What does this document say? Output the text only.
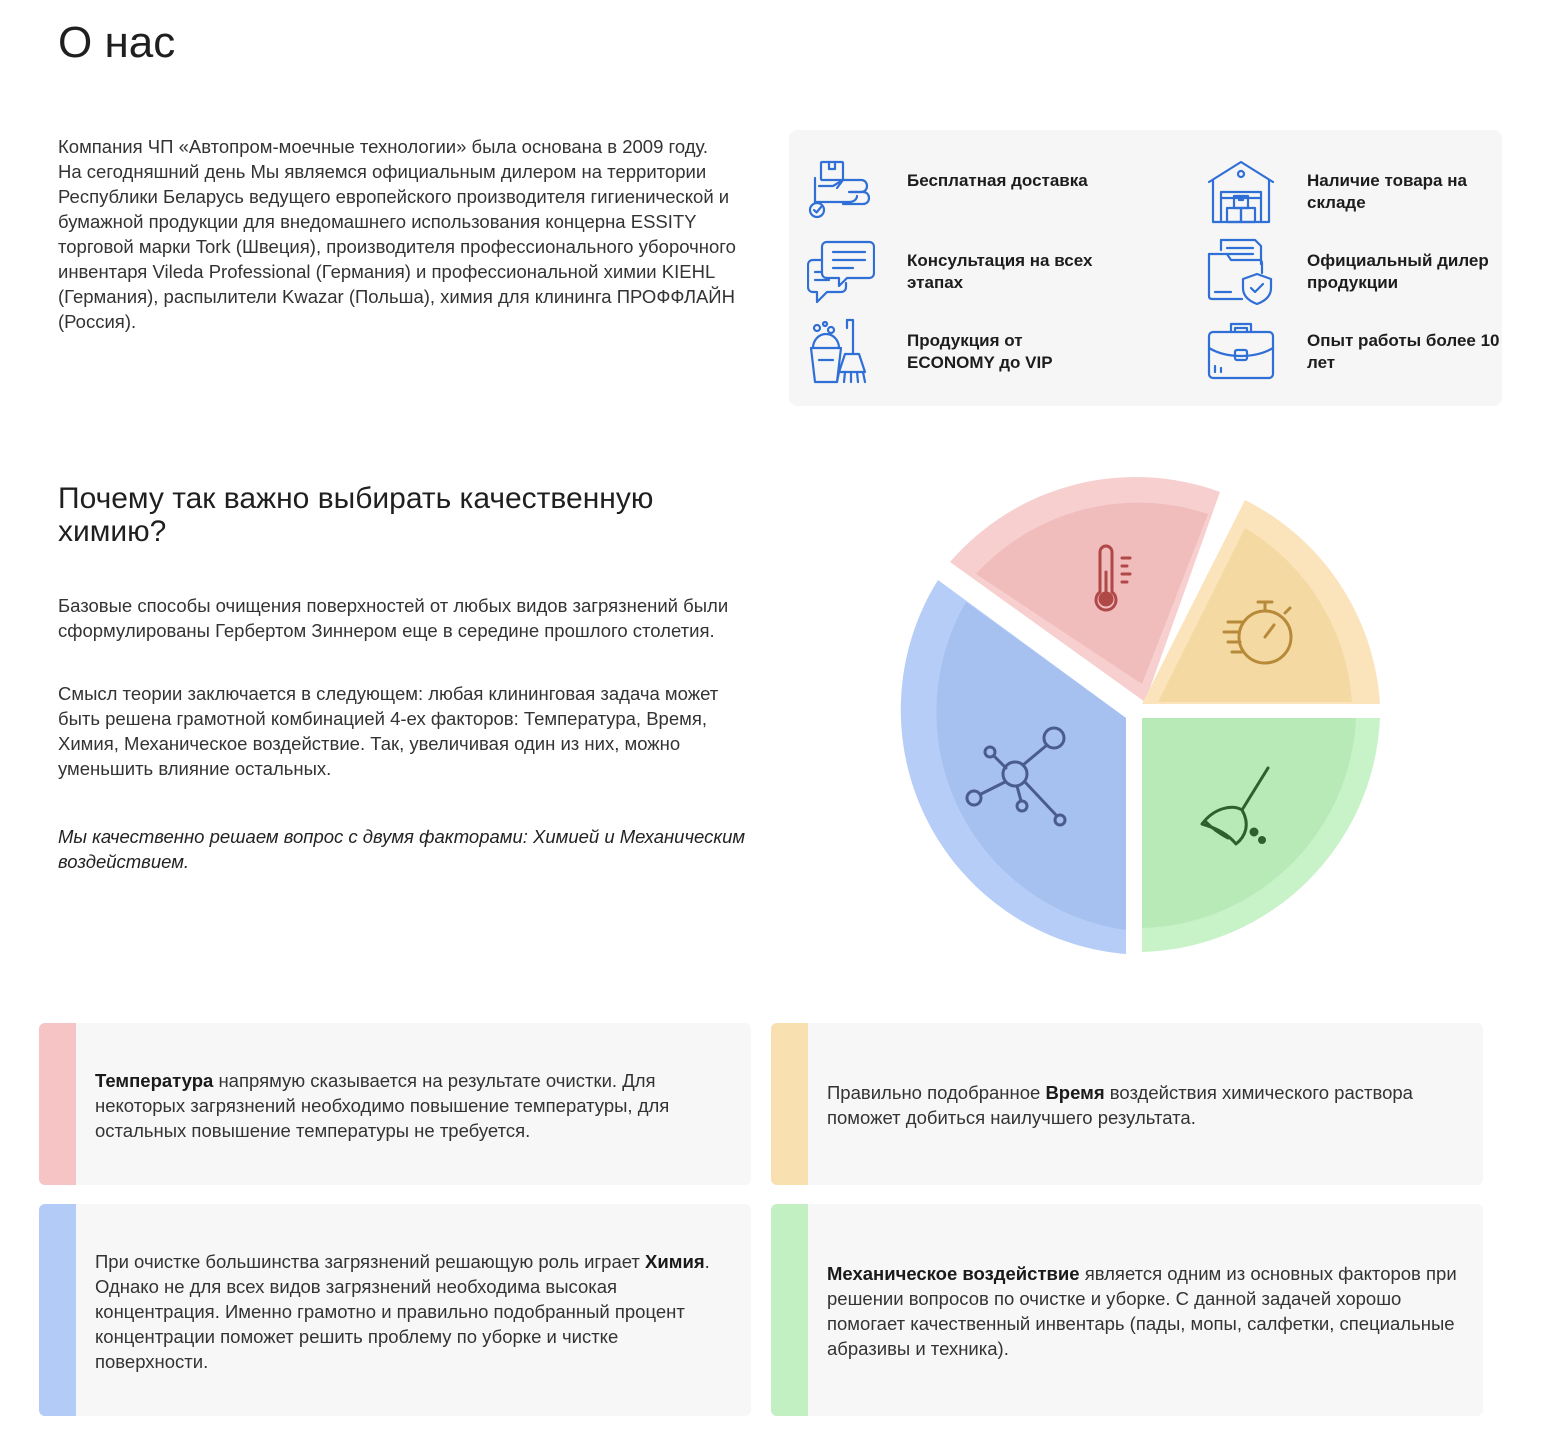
О нас

Компания ЧП «Автопром-моечные технологии» была основана в 2009 году.

На сегодняшний день Мы являемся официальным дилером на территории Республики Беларусь ведущего европейского производителя гигиенической и бумажной продукции для внедомашнего использования концерна ESSITY торговой марки Tork (Швеция), производителя профессионального уборочного инвентаря Vileda Professional (Германия) и профессиональной химии KIEHL (Германия), распылители Kwazar (Польша), химия для клининга ПРОФФЛАЙН (Россия).

Бесплатная доставка	Наличие товара на складе
Консультация на всех этапах
Официальный дилер продукции
Продукция от ECONOMY до VIP
Опыт работы более 10 лет
Почему так важно выбирать качественную химию?

Базовые способы очищения поверхностей от любых видов загрязнений были сформулированы Гербертом Зиннером еще в середине прошлого столетия.

Смысл теории заключается в следующем: любая клининговая задача может быть решена грамотной комбинацией 4-ех факторов: Температура, Время, Химия, Механическое воздействие. Так, увеличивая один из них, можно уменьшить влияние остальных.

Мы качественно решаем вопрос с двумя факторами: Химией и Механическим воздействием.

Температура напрямую сказывается на результате очистки. Для некоторых загрязнений необходимо повышение температуры, для остальных повышение температуры не требуется.

Правильно подобранное Время воздействия химического раствора поможет добиться наилучшего результата.

При очистке большинства загрязнений решающую роль играет Химия. Однако не для всех видов загрязнений необходима высокая концентрация. Именно грамотно и правильно подобранный процент концентрации поможет решить проблему по уборке и чистке поверхности.

Механическое воздействие является одним из основных факторов при решении вопросов по очистке и уборке. С данной задачей хорошо помогает качественный инвентарь (пады, мопы, салфетки, специальные абразивы и техника).
